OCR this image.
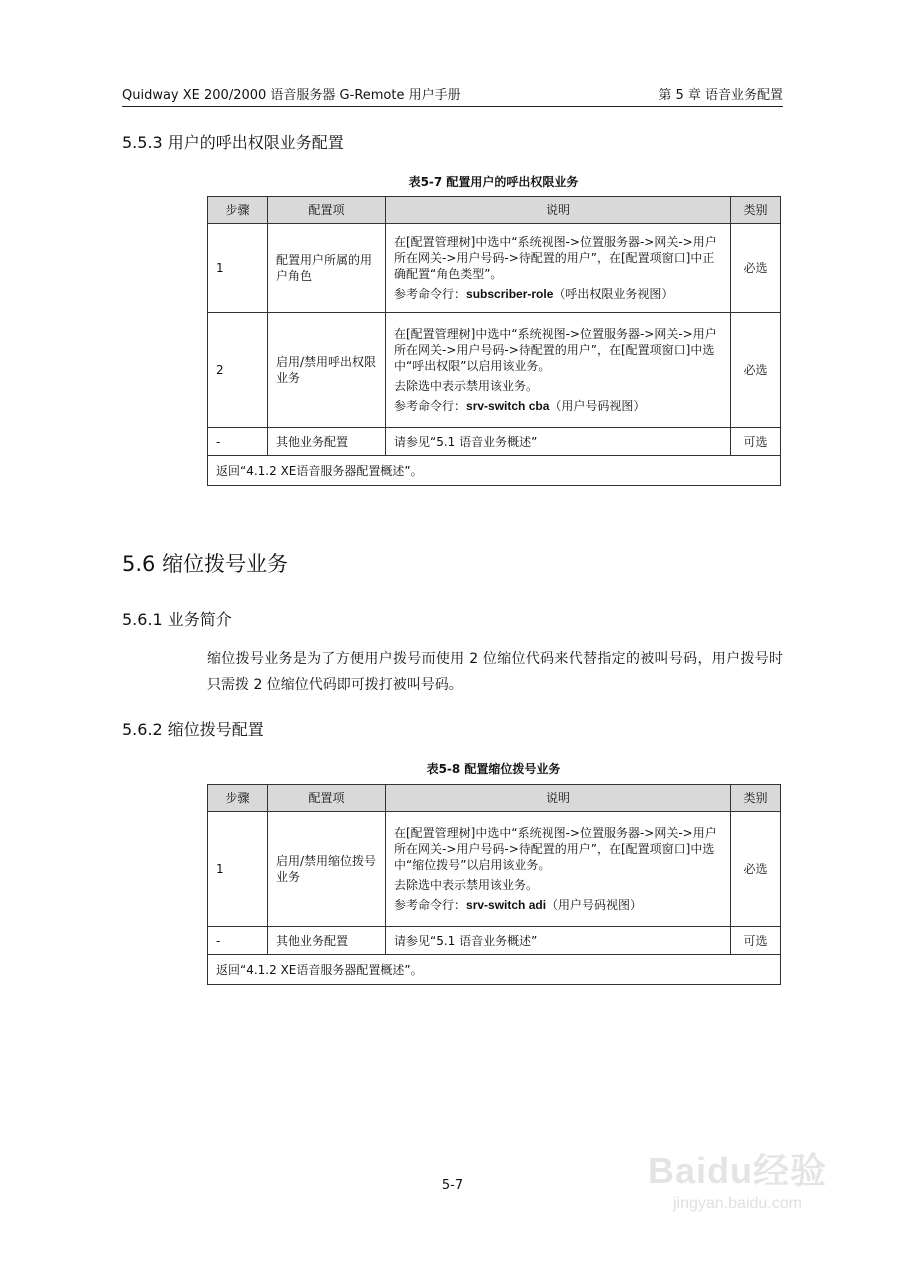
Quidway XE 200/2000 语音服务器 G-Remote 用户手册	第 5 章 语音业务配置
5.5.3 用户的呼出权限业务配置
表5-7 配置用户的呼出权限业务
步骤	配置项	说明	类别
1	配置用户所属的用户角色	在[配置管理树]中选中“系统视图->位置服务器->网关->用户所在网关->用户号码->待配置的用户”，在[配置项窗口]中正确配置“角色类型”。

参考命令行：subscriber-role（呼出权限业务视图）	必选
2	启用/禁用呼出权限业务	在[配置管理树]中选中“系统视图->位置服务器->网关->用户所在网关->用户号码->待配置的用户”，在[配置项窗口]中选中“呼出权限”以启用该业务。

去除选中表示禁用该业务。

参考命令行：srv-switch cba（用户号码视图）	必选
-	其他业务配置	请参见“5.1 语音业务概述”	可选
返回“4.1.2 XE语音服务器配置概述”。			
5.6 缩位拨号业务
5.6.1 业务简介
缩位拨号业务是为了方便用户拨号而使用 2 位缩位代码来代替指定的被叫号码，用户拨号时只需拨 2 位缩位代码即可拨打被叫号码。
5.6.2 缩位拨号配置
表5-8 配置缩位拨号业务
步骤	配置项	说明	类别
1	启用/禁用缩位拨号业务	在[配置管理树]中选中“系统视图->位置服务器->网关->用户所在网关->用户号码->待配置的用户”，在[配置项窗口]中选中“缩位拨号”以启用该业务。

去除选中表示禁用该业务。

参考命令行：srv-switch adi（用户号码视图）	必选
-	其他业务配置	请参见“5.1 语音业务概述”	可选
返回“4.1.2 XE语音服务器配置概述”。			
5-7	Baidu经验
jingyan.baidu.com
